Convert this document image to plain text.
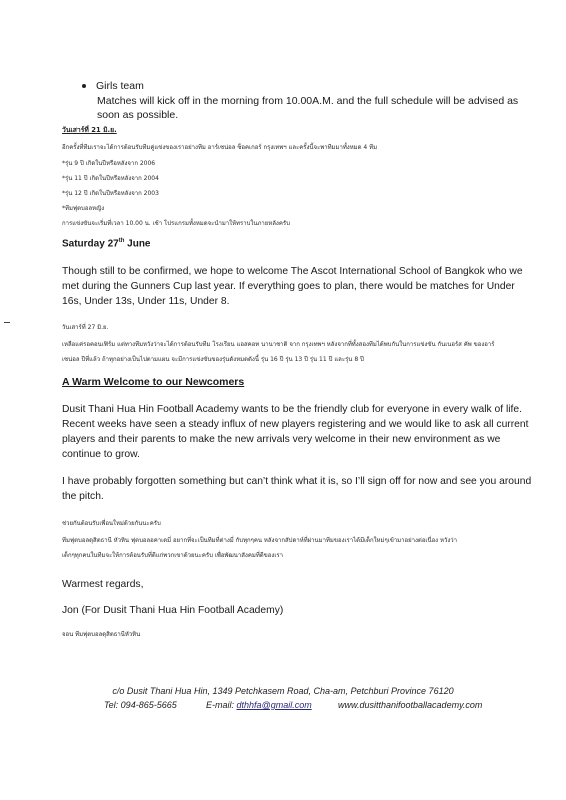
Girls team
Matches will kick off in the morning from 10.00A.M. and the full schedule will be advised as soon as possible.
วันเสาร์ที่ 21 มิ.ย.
อีกครั้งที่ทีมเราจะได้การต้อนรับทีมคู่แข่งของเราอย่างทีม อาร์เซน่อล ซ็อคเกอร์ กรุงเทพฯ และครั้งนี้จะพาทีมมาทั้งหมด 4 ทีม
*รุ่น 9 ปี เกิดในปีหรือหลังจาก 2006
*รุ่น 11 ปี เกิดในปีหรือหลังจาก 2004
*รุ่น 12 ปี เกิดในปีหรือหลังจาก 2003
*ทีมฟุตบอลหญิง
การแข่งขันจะเริ่มที่เวลา 10.00 น. เช้า โปรแกรมทั้งหมดจะนำมาให้ทราบในภายหลังครับ
Saturday 27th June
Though still to be confirmed, we hope to welcome The Ascot International School of Bangkok who we met during the Gunners Cup last year. If everything goes to plan, there would be matches for Under 16s, Under 13s, Under 11s, Under 8.
วันเสาร์ที่ 27 มิ.ย.
เหลือแค่รอคอนเฟิร์ม แต่ทางทีมหวังว่าจะได้การต้อนรับทีม โรงเรียน แอสคอท นานาชาติ จาก กรุงเทพฯ หลังจากที่ทั้งสองทีมได้พบกันในการแข่งขัน กันเนอร์ส คัพ ของอาร์
เซน่อล ปีที่แล้ว ถ้าทุกอย่างเป็นไปตามแผน จะมีการแข่งขันของรุ่นดังหมดดังนี้ รุ่น 16 ปี รุ่น 13 ปี รุ่น 11 ปี และรุ่น 8 ปี
A Warm Welcome to our Newcomers
Dusit Thani Hua Hin Football Academy wants to be the friendly club for everyone in every walk of life. Recent weeks have seen a steady influx of new players registering and we would like to ask all current players and their parents to make the new arrivals very welcome in their new environment as we continue to grow.
I have probably forgotten something but can’t think what it is, so I’ll sign off for now and see you around the pitch.
ช่วยกันต้อนรับเพื่อนใหม่ด้วยกันนะครับ
ทีมฟุตบอลดุสิตธานี หัวหิน ฟุตบอลอคาเดมี่ อยากที่จะเป็นทีมที่ต่างมี่ กับทุกๆคน หลังจากสัปดาห์ที่ผ่านมาทีมของเราได้มีเด็กใหม่ๆเข้ามาอย่างต่อเนื่อง หวังว่า
เด็กๆทุกคนในทีมจะให้การต้อนรับที่ดีแก่พวกเขาด้วยนะครับ เพื่อพัฒนาสังคมที่ดีของเรา
Warmest regards,
Jon (For Dusit Thani Hua Hin Football Academy)
จอน ทีมฟุตบอลดุสิตธานีหัวหิน
c/o Dusit Thani Hua Hin, 1349 Petchkasem Road, Cha-am, Petchburi Province 76120
Tel: 094-865-5665	E-mail: dthhfa@gmail.com	www.dusitthanifootballacademy.com
